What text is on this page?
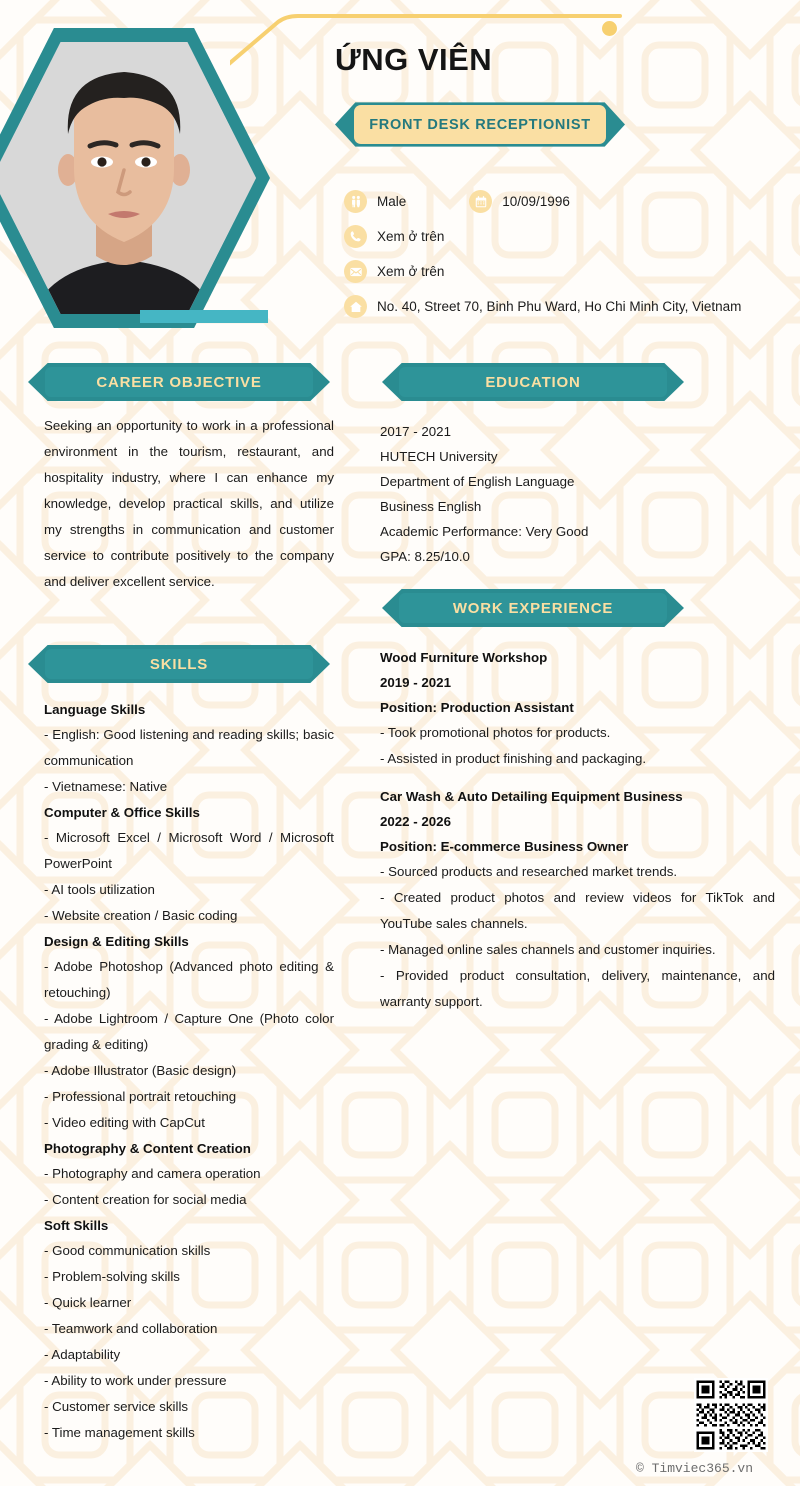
ỨNG VIÊN
FRONT DESK RECEPTIONIST
Male	10/09/1996
Xem ở trên
Xem ở trên
No. 40, Street 70, Binh Phu Ward, Ho Chi Minh City, Vietnam
CAREER OBJECTIVE	EDUCATION
SKILLS
WORK EXPERIENCE

Seeking an opportunity to work in a professional environment in the tourism, restaurant, and hospitality industry, where I can enhance my knowledge, develop practical skills, and utilize my strengths in communication and customer service to contribute positively to the company and deliver excellent service.

2017 - 2021
HUTECH University
Department of English Language
Business English
Academic Performance: Very Good
GPA: 8.25/10.0
Wood Furniture Workshop
2019 - 2021
Position: Production Assistant
- Took promotional photos for products.
- Assisted in product finishing and packaging.
Car Wash & Auto Detailing Equipment Business
2022 - 2026
Position: E-commerce Business Owner
- Sourced products and researched market trends.
- Created product photos and review videos for TikTok and YouTube sales channels.
- Managed online sales channels and customer inquiries.
- Provided product consultation, delivery, maintenance, and warranty support.
Language Skills
- English: Good listening and reading skills; basic communication
- Vietnamese: Native
Computer & Office Skills
- Microsoft Excel / Microsoft Word / Microsoft PowerPoint
- AI tools utilization
- Website creation / Basic coding
Design & Editing Skills
- Adobe Photoshop (Advanced photo editing & retouching)
- Adobe Lightroom / Capture One (Photo color grading & editing)
- Adobe Illustrator (Basic design)
- Professional portrait retouching
- Video editing with CapCut
Photography & Content Creation
- Photography and camera operation
- Content creation for social media
Soft Skills
- Good communication skills
- Problem-solving skills
- Quick learner
- Teamwork and collaboration
- Adaptability
- Ability to work under pressure
- Customer service skills
- Time management skills
© Timviec365.vn
